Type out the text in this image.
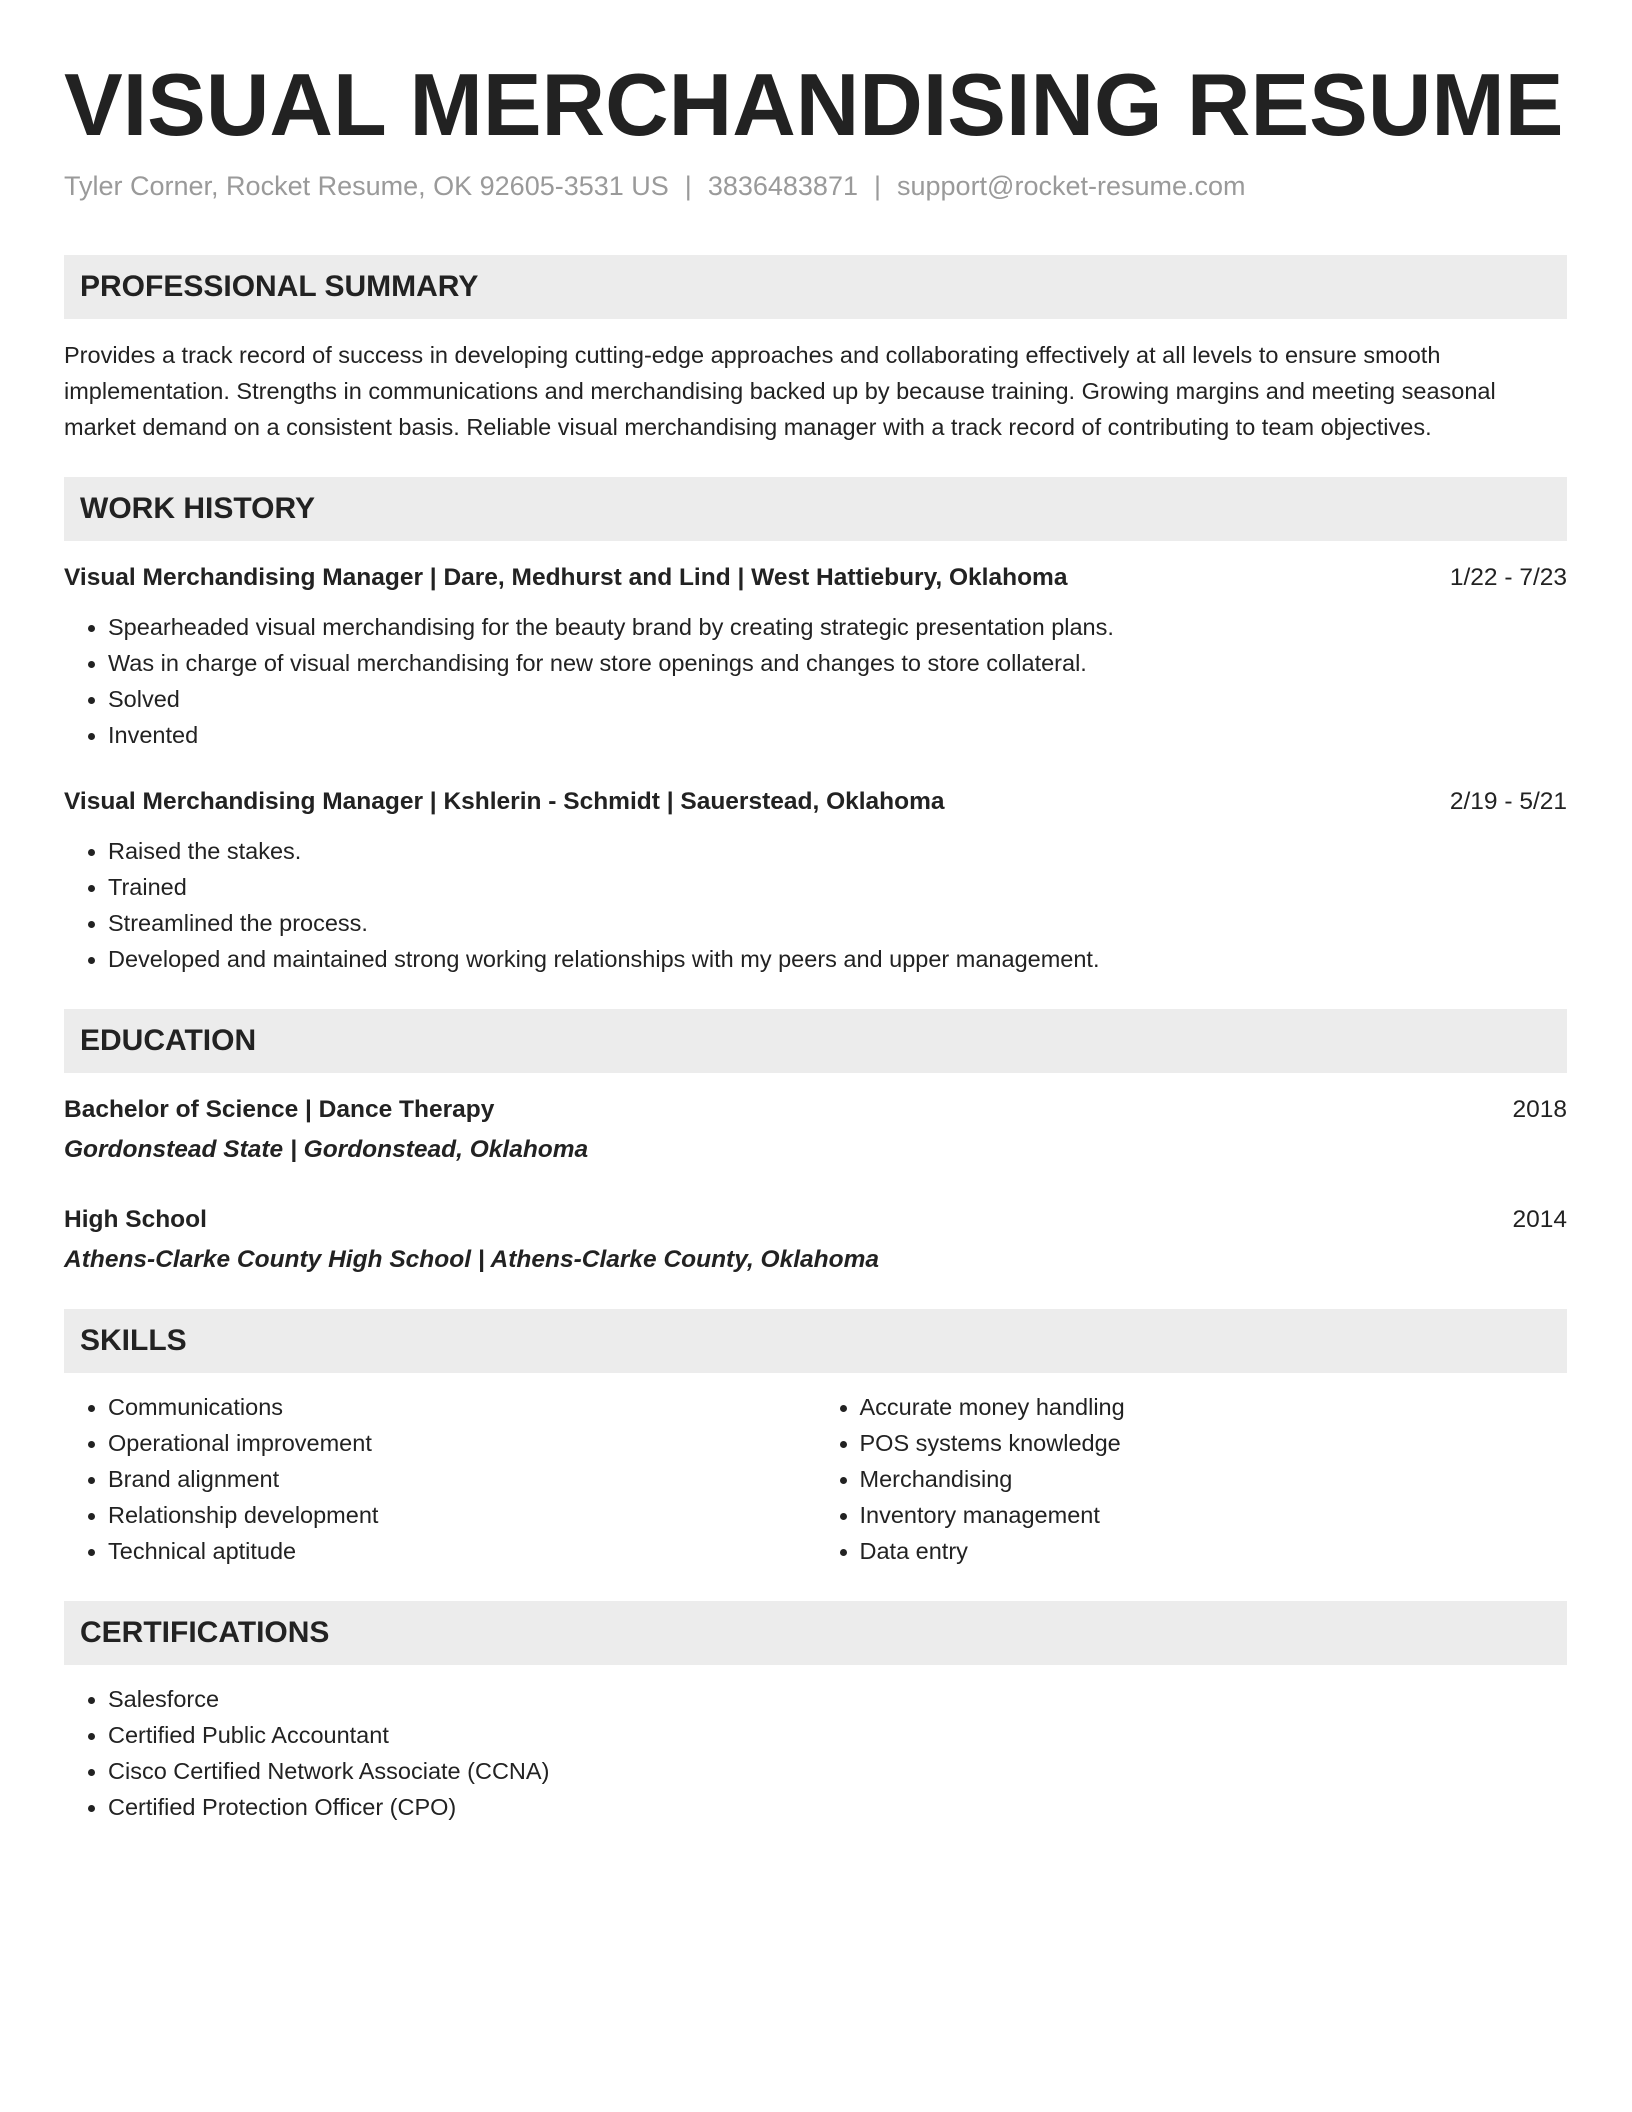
VISUAL MERCHANDISING RESUME
Tyler Corner, Rocket Resume, OK 92605-3531 US | 3836483871 | support@rocket-resume.com
PROFESSIONAL SUMMARY
Provides a track record of success in developing cutting-edge approaches and collaborating effectively at all levels to ensure smooth implementation. Strengths in communications and merchandising backed up by because training. Growing margins and meeting seasonal market demand on a consistent basis. Reliable visual merchandising manager with a track record of contributing to team objectives.
WORK HISTORY
Visual Merchandising Manager | Dare, Medhurst and Lind | West Hattiebury, Oklahoma	1/22 - 7/23
• Spearheaded visual merchandising for the beauty brand by creating strategic presentation plans.
• Was in charge of visual merchandising for new store openings and changes to store collateral.
• Solved
• Invented
Visual Merchandising Manager | Kshlerin - Schmidt | Sauerstead, Oklahoma	2/19 - 5/21
• Raised the stakes.
• Trained
• Streamlined the process.
• Developed and maintained strong working relationships with my peers and upper management.
EDUCATION
Bachelor of Science | Dance Therapy	2018
Gordonstead State | Gordonstead, Oklahoma
High School	2014
Athens-Clarke County High School | Athens-Clarke County, Oklahoma
SKILLS
• Communications
• Operational improvement
• Brand alignment
• Relationship development
• Technical aptitude
• Accurate money handling
• POS systems knowledge
• Merchandising
• Inventory management
• Data entry
CERTIFICATIONS
• Salesforce
• Certified Public Accountant
• Cisco Certified Network Associate (CCNA)
• Certified Protection Officer (CPO)
